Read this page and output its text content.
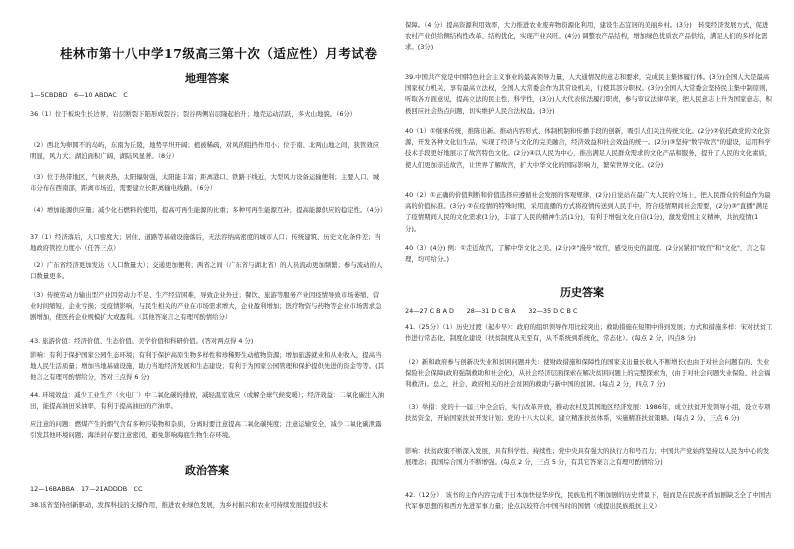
桂林市第十八中学17级高三第十次（适应性）月考试卷
地理答案
1—5CBDBD　6—10 ABDAC　C
36（1）位于板块生长边界，岩层断裂下陷形成裂谷；裂谷两侧岩层隆起抬升；地壳运动活跃，多火山地貌。（6分）
（2）西北为卵圆不的岛屿，东南为丘陵，地势平坦开阔；植被稀疏，对风的阻挡作用小；位于南、北两山地之间，狭管效应明显，风力大；湖泊面积广阔，湖陆风显著。（8分）
（3）位于热带地区，气候炎热，太阳辐射强，太阳能丰富；距离港口、铁路干线近，大型风力设备运输便利；主要人口、城市分布在西南部，距离市场近，需要建立长距离输电线路。（6分）
（4）增加能源供应量；减少化石燃料的使用，提高可再生能源的比重；多种可再生能源互补，提高能源供应的稳定性。（4分）
37（1）经济落后，人口密度大；居住、道路等基础设施落后，无法容纳高密度的城市人口；传统建筑、历史文化条件差；当地政府管控力度小（任答三点）
（2）广东省经济更加发达（人口数量大）；交通更加便利；两省之间（广东省与湖北省）的人员流动更加频繁；参与流动的人口数量更多。
（3）传统劳动力输出型产业因劳动力不足、生产经营困难，导致企业外迁；餐饮、旅游等服务产业因疫情导致市场萎缩、营业时间缩短，企业亏损；受疫情影响，与民生相关的产业在市场需求增大，企业盈利增加；医疗物资与药物等企业市场需求急剧增加，使医药企业规模扩大或盈利。（其他答案言之有理可酌情给分）
43. 旅游价值：经济价值、生态价值、美学价值和科研价值。(答对两点得 4 分)
影响：有利于保护国家公园生态环境；有利于保护高原生物多样性和珍稀野生动植物资源；增加旅游就业和从业收入，提高当地人民生活质量；增加当地基础设施，助力当地经济发展和生态建设；有利于为国家公园管理和保护提供先进的资金等等。(其他言之有理可酌情给分，答对三点得 6 分)
44. 环境效益：减少工业生产（火电厂）中二氧化碳的排放，减轻温室效应（或解全球气候变暖）；经济效益：二氧化碳注入油田，能提高油田采油率，有利于提高油田的产油率。
应注意的问题：燃煤产生的烟气含有多种污染物和杂质，分离时要注意提高二氧化碳纯度；注意运输安全，减少二氧化碳泄露引发其他环境问题；海洋封存要注意密闭，避免影响海底生物生存环境。
政治答案
12—16BABBA　17—21ADDDB　CC
38.该省坚持创新驱动，发挥科技的支撑作用，推进农业绿色发展，为乡村振兴和农业可持续发展提供技术
保障。（4 分）提高资源利用效率，大力推进农业废弃物资源化利用，建设生态宜居的美丽乡村。(3分)　转变经济发展方式，促进农村产业供给侧结构性改革、结构优化，实现产业兴旺。(4分) 调整农产品结构，增加绿色优质农产品供给，满足人们的多样化需求。(3分)
39.中国共产党是中国特色社会主义事业的最高领导力量，人大通情况的意志和要求，完成民主集体履行体。(3分)全国人大是最高国家权力机关，享有最高立法权，全国人大常委会作为其常设机关，行使其部分职权。(3分)全国人大常委会坚持民主集中制原则，听取各方面意见，提高立法的民主性、科学性，(3分)人大代表依法履行职责，参与审议法律草案，把人民意志上升为国家意志，积极回应社会热点问题，切实维护人民合法权益。(3分)
40（1）①继承传统，推陈出新。推动内容形式、体制机制和传播手段的创新，吸引人们关注传统文化。(2分)②依托政党的文化资源，开发各种文化衍生品，实现了经济与文化的完美融合，经济效益和社会效益的统一。(2分)③坚持"数字故宫"的建设，运用科学技术手段更好地展示了故宫特色文化。(2分)④以人民为中心，推出满足人民群众需求的文化产品和服务，提升了人民的文化素质，使人们更加亲近故宫，让世界了解故宫，扩大中华文化的国际影响力，繁荣世界文化。(2分)
40（2）①正确的价值判断和价值选择应遵循社会发展的客观规律，(2分)自觉站在最广大人民的立场上，把人民群众的利益作为最高的价值标准。(3分) ②在疫情的特殊时期，采用直播的方式将疫情传送到人民手中，符合疫情期间社会需要，(2分)③"直播"满足了疫情期间人民的文化需求(1分)，丰富了人民的精神生活(1分)，有利于增强文化自信(1分)，激发爱国主义精神，共抗疫情(1分)。
40（3）(4分) 例：①走近故宫，了解中华文化之美。(2分)②"漫步"故宫，感受历史的温度。(2分)(紧扣"故宫"和"文化"，言之有理，均可给分。)
历史答案
24—27 C B A D　　28—31 D C B A　　32—35 D C B C
41.（25分）（1）历史过渡（起步早）：政府的组织领导作用比较突出；救助措施在短期中得到发展；方式和措施多样：宋对扶贫工作进行常态化、制度化建设（扶贫制度从无至有，从不系统到系统化，常态化）。(每点 2 分，四点8 分)
（2）新和政府参与创新决失业和贫困问题并失：使财政措施和保障性的国家支出量长收入不断增长(也由于对社会问题有的、失业保险社会保障(政府强制救助和社会化)，从社会经济层面探索在解决贫困问题上的完整探索为，(由于对社会问题失业保险、社会福利救济)。总之，社会、政府相关的社会贫困的救助与新中国的贫困。(每点 2 分，四点 7 分)
（3）举措：党的十一届三中全会后，实行改革开放，推动农村及其国地区经济发展：1986年，成立扶贫开发领导小组，设立专项扶贫资金，开始国家扶贫开发计划；党的十八大以来，建立精准扶贫体系，实施精准扶贫策略。(每点 2 分，三点 6 分)
影响：扶贫政策不断深入发展，具有科学性、持续性；党中央具有强大的执行力和号召力；中国共产党始终坚持以人民为中心的发展理念；我国综合国力不断增强。(每点 2 分，三点 5 分，有其它答案言之有理可酌情给分)
42.（12分）　该书的主作内容完成于日本加快侵华步伐，民族危机不断加剧的历史背景下，强而是在民族矛盾加剧缺乏全了中国古代军事思想的和西方先进军事力量；论点以较符合中国当时的国情（或提出民族抵抗主义）
